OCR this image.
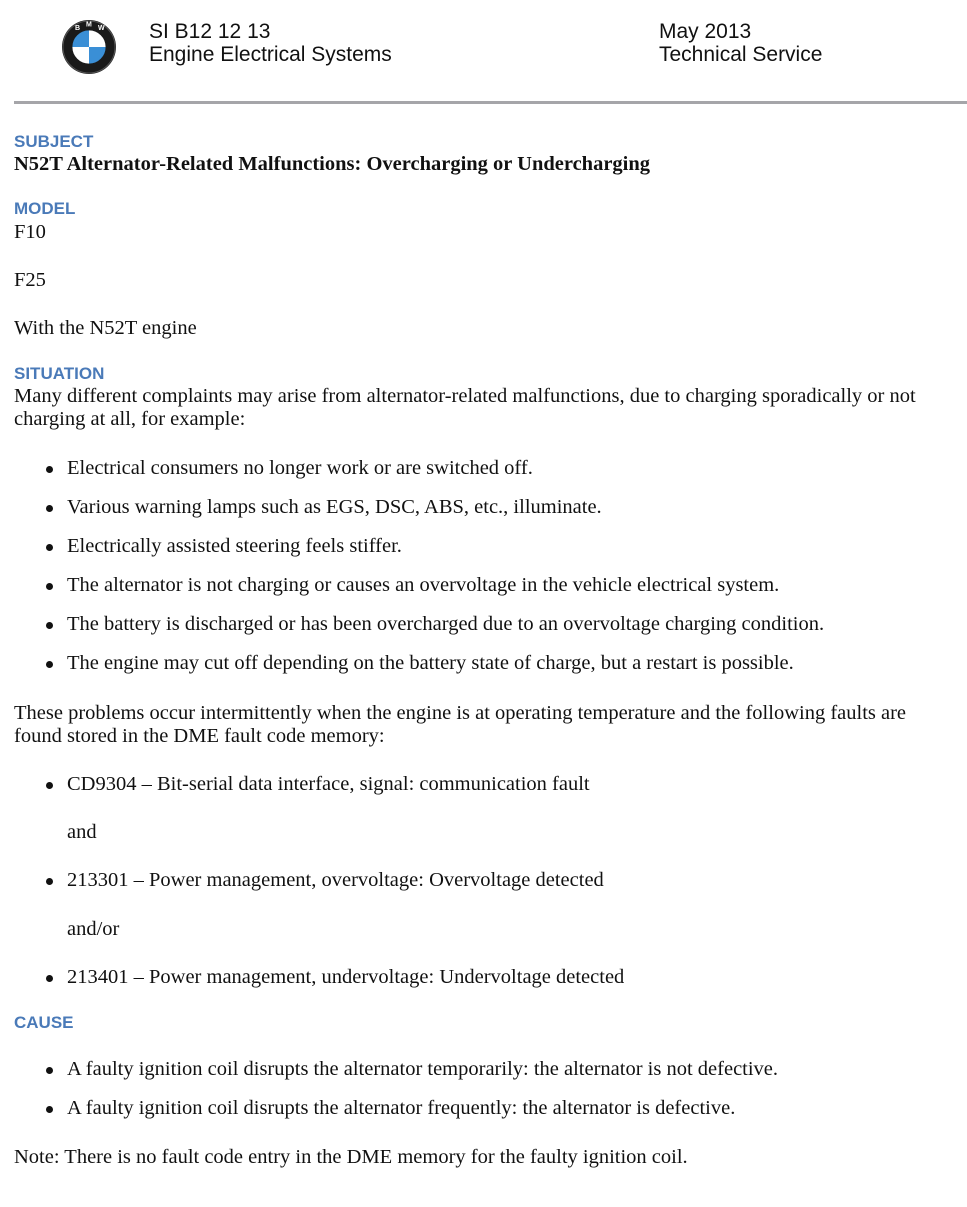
B M W SI B12 12 13
Engine Electrical Systems
May 2013
Technical Service
SUBJECT
N52T Alternator-Related Malfunctions: Overcharging or Undercharging
MODEL
F10
F25
With the N52T engine
SITUATION
Many different complaints may arise from alternator-related malfunctions, due to charging sporadically or not
charging at all, for example:
Electrical consumers no longer work or are switched off.
Various warning lamps such as EGS, DSC, ABS, etc., illuminate.
Electrically assisted steering feels stiffer.
The alternator is not charging or causes an overvoltage in the vehicle electrical system.
The battery is discharged or has been overcharged due to an overvoltage charging condition.
The engine may cut off depending on the battery state of charge, but a restart is possible.
These problems occur intermittently when the engine is at operating temperature and the following faults are
found stored in the DME fault code memory:
CD9304 – Bit-serial data interface, signal: communication fault
and
213301 – Power management, overvoltage: Overvoltage detected
and/or
213401 – Power management, undervoltage: Undervoltage detected
CAUSE
A faulty ignition coil disrupts the alternator temporarily: the alternator is not defective.
A faulty ignition coil disrupts the alternator frequently: the alternator is defective.
Note: There is no fault code entry in the DME memory for the faulty ignition coil.
